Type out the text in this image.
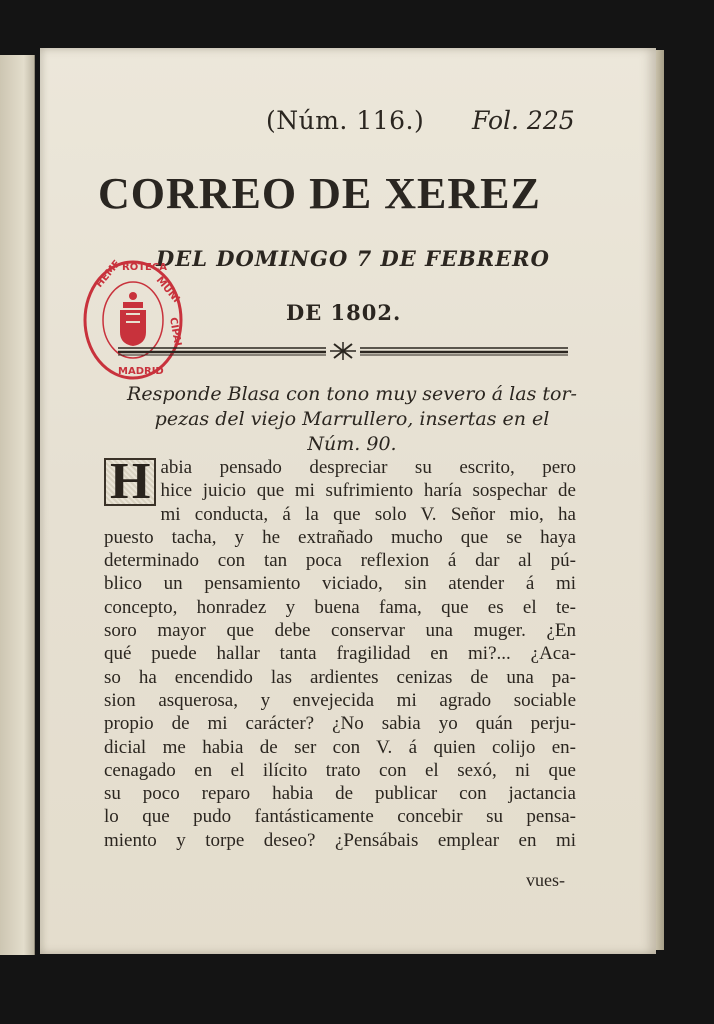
(Núm. 116.) Fol. 225
CORREO DE XEREZ
DEL DOMINGO 7 DE FEBRERO
DE 1802.
HEME ROTECA
MUNI
CIPAL
MADRID
·
Responde Blasa con tono muy severo á las tor-
pezas del viejo Marrullero, insertas en el
Núm. 90.
H abia pensado despreciar su escrito, pero
hice juicio que mi sufrimiento haría sospechar de
mi conducta, á la que solo V. Señor mio, ha
puesto tacha, y he extrañado mucho que se haya
determinado con tan poca reflexion á dar al pú-
blico un pensamiento viciado, sin atender á mi
concepto, honradez y buena fama, que es el te-
soro mayor que debe conservar una muger. ¿En
qué puede hallar tanta fragilidad en mi?... ¿Aca-
so ha encendido las ardientes cenizas de una pa-
sion asquerosa, y envejecida mi agrado sociable
propio de mi carácter? ¿No sabia yo quán perju-
dicial me habia de ser con V. á quien colijo en-
cenagado en el ilícito trato con el sexó, ni que
su poco reparo habia de publicar con jactancia
lo que pudo fantásticamente concebir su pensa-
miento y torpe deseo? ¿Pensábais emplear en mi
vues-
